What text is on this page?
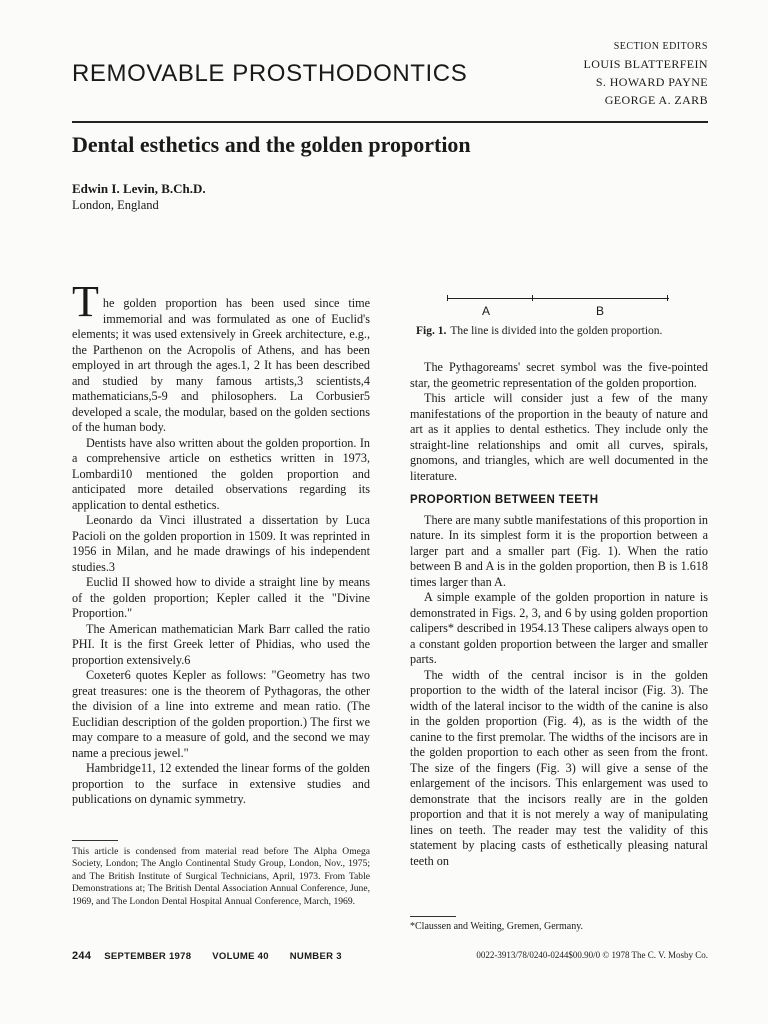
SECTION EDITORS
LOUIS BLATTERFEIN
S. HOWARD PAYNE
GEORGE A. ZARB
REMOVABLE PROSTHODONTICS
Dental esthetics and the golden proportion
Edwin I. Levin, B.Ch.D.
London, England

The golden proportion has been used since time immemorial and was formulated as one of Euclid's elements; it was used extensively in Greek architecture, e.g., the Parthenon on the Acropolis of Athens, and has been employed in art through the ages.1, 2 It has been described and studied by many famous artists,3 scientists,4 mathematicians,5-9 and philosophers. La Corbusier5 developed a scale, the modular, based on the golden sections of the human body.

Dentists have also written about the golden proportion. In a comprehensive article on esthetics written in 1973, Lombardi10 mentioned the golden proportion and anticipated more detailed observations regarding its application to dental esthetics.

Leonardo da Vinci illustrated a dissertation by Luca Pacioli on the golden proportion in 1509. It was reprinted in 1956 in Milan, and he made drawings of his independent studies.3

Euclid II showed how to divide a straight line by means of the golden proportion; Kepler called it the "Divine Proportion."

The American mathematician Mark Barr called the ratio PHI. It is the first Greek letter of Phidias, who used the proportion extensively.6

Coxeter6 quotes Kepler as follows: "Geometry has two great treasures: one is the theorem of Pythagoras, the other the division of a line into extreme and mean ratio. (The Euclidian description of the golden proportion.) The first we may compare to a measure of gold, and the second we may name a precious jewel."

Hambridge11, 12 extended the linear forms of the golden proportion to the surface in extensive studies and publications on dynamic symmetry.

A	B
Fig. 1. The line is divided into the golden proportion.

The Pythagoreams' secret symbol was the five-pointed star, the geometric representation of the golden proportion.

This article will consider just a few of the many manifestations of the proportion in the beauty of nature and art as it applies to dental esthetics. They include only the straight-line relationships and omit all curves, spirals, gnomons, and triangles, which are well documented in the literature.

PROPORTION BETWEEN TEETH

There are many subtle manifestations of this proportion in nature. In its simplest form it is the proportion between a larger part and a smaller part (Fig. 1). When the ratio between B and A is in the golden proportion, then B is 1.618 times larger than A.

A simple example of the golden proportion in nature is demonstrated in Figs. 2, 3, and 6 by using golden proportion calipers* described in 1954.13 These calipers always open to a constant golden proportion between the larger and smaller parts.

The width of the central incisor is in the golden proportion to the width of the lateral incisor (Fig. 3). The width of the lateral incisor to the width of the canine is also in the golden proportion (Fig. 4), as is the width of the canine to the first premolar. The widths of the incisors are in the golden proportion to each other as seen from the front. The size of the fingers (Fig. 3) will give a sense of the enlargement of the incisors. This enlargement was used to demonstrate that the incisors really are in the golden proportion and that it is not merely a way of manipulating lines on teeth. The reader may test the validity of this statement by placing casts of esthetically pleasing natural teeth on

This article is condensed from material read before The Alpha Omega Society, London; The Anglo Continental Study Group, London, Nov., 1975; and The British Institute of Surgical Technicians, April, 1973. From Table Demonstrations at; The British Dental Association Annual Conference, June, 1969, and The London Dental Hospital Annual Conference, March, 1969.
*Claussen and Weiting, Gremen, Germany.
244 SEPTEMBER 1978 VOLUME 40 NUMBER 3	0022-3913/78/0240-0244$00.90/0 © 1978 The C. V. Mosby Co.
